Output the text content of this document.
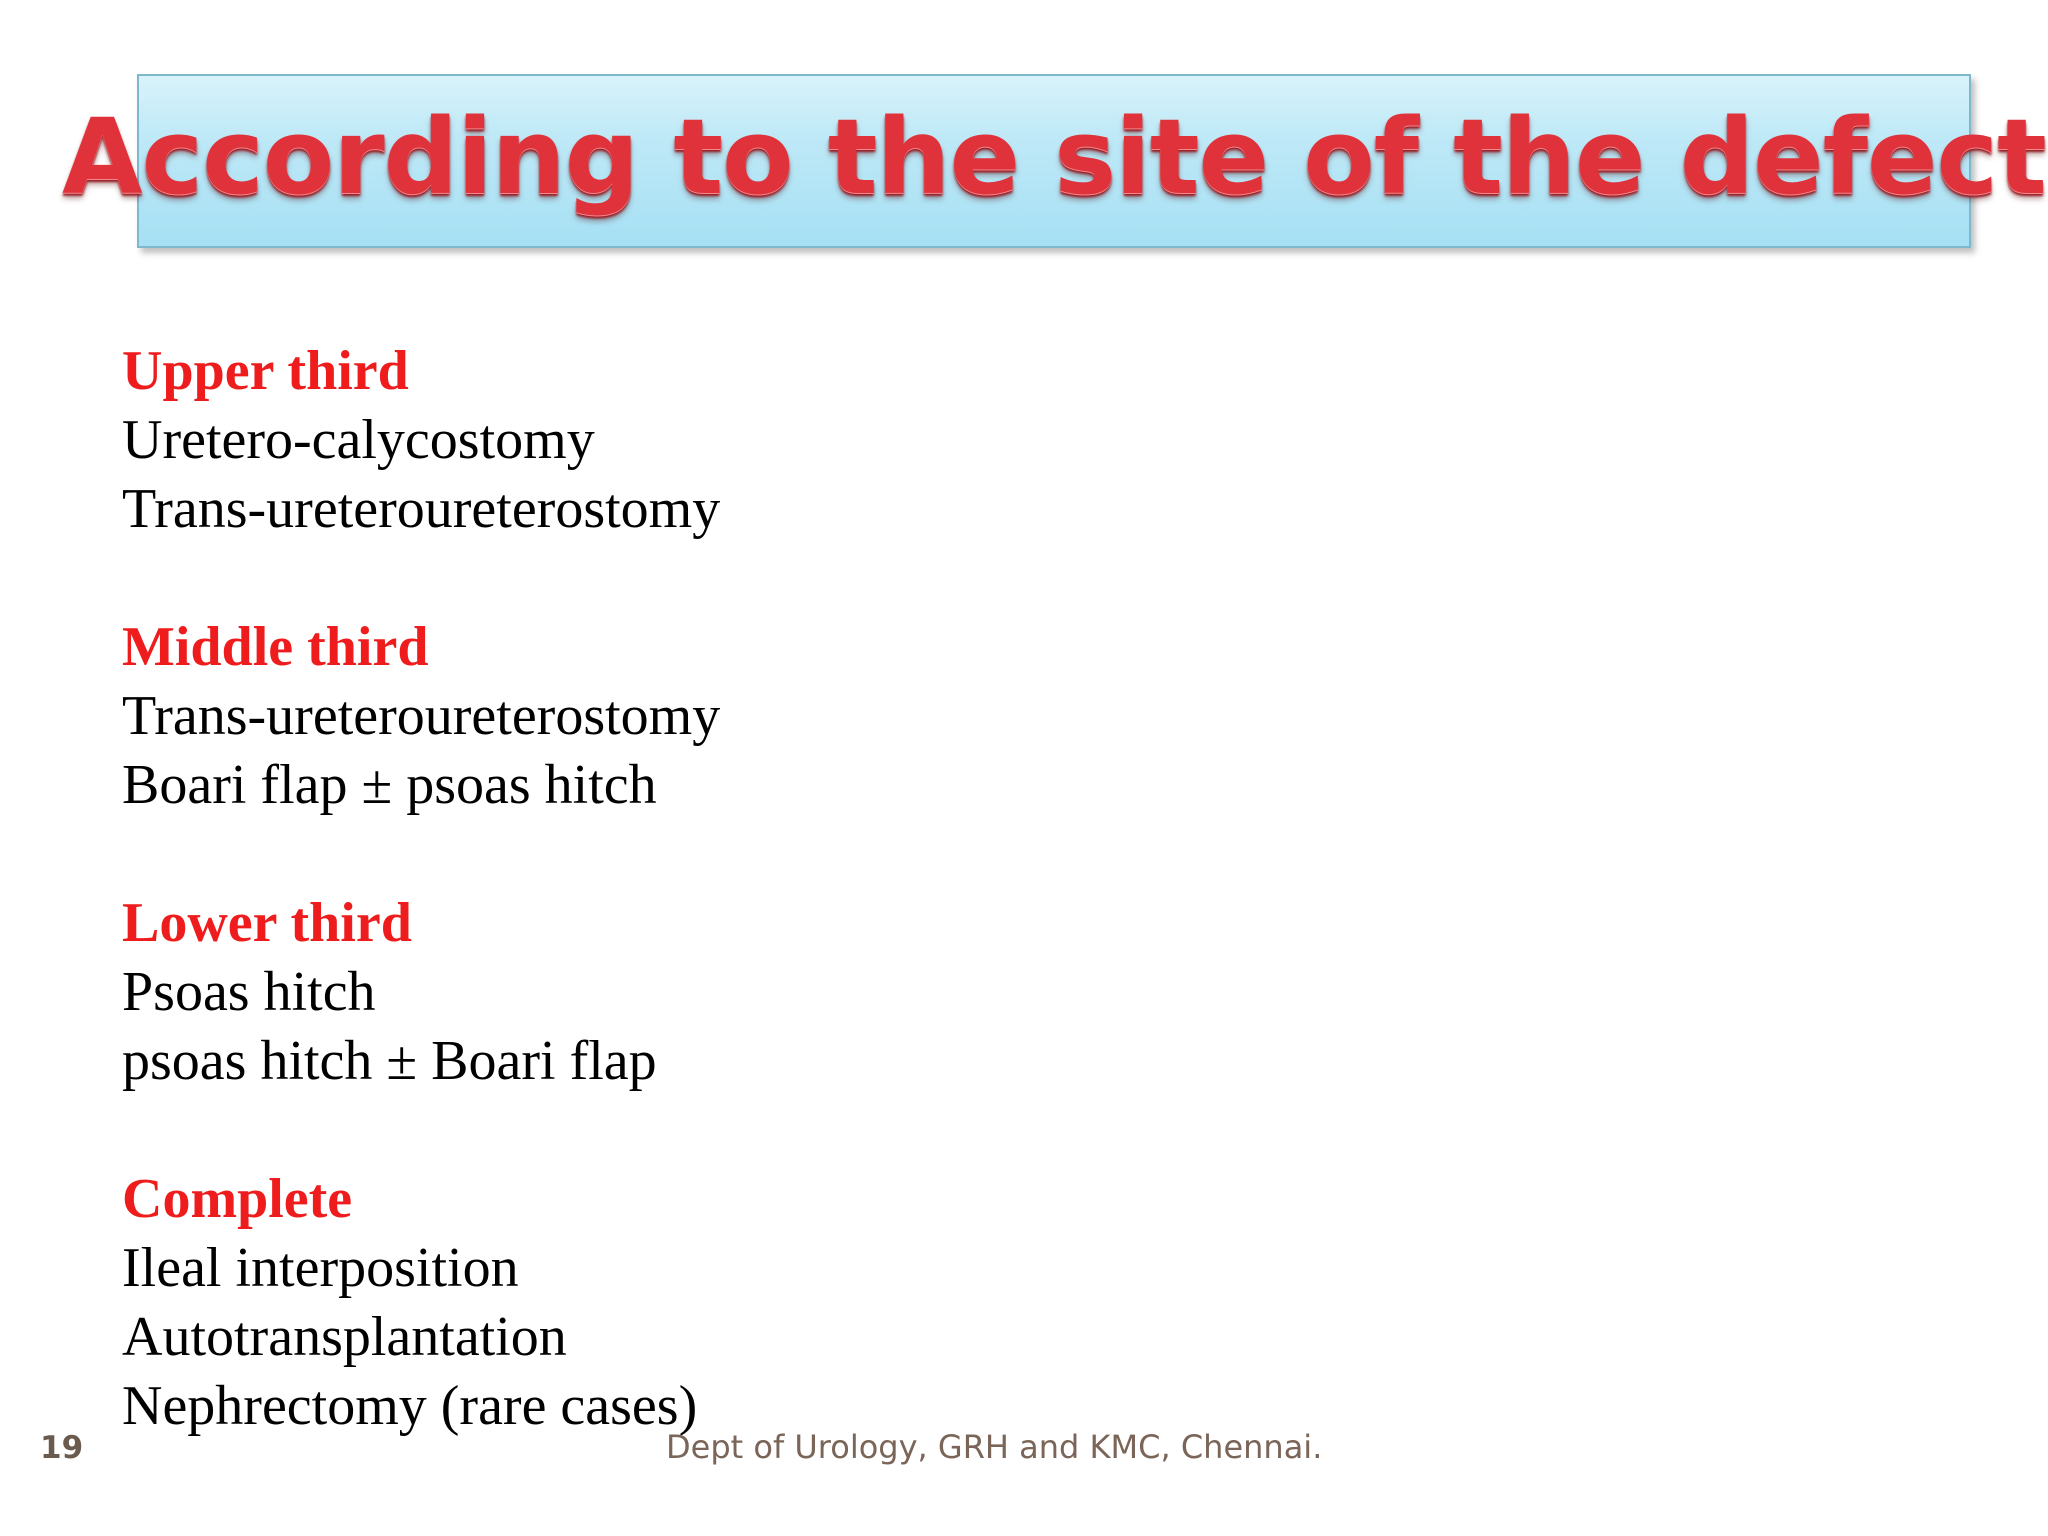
According to the site of the defect
Upper third
Uretero-calycostomy
Trans-ureteroureterostomy
Middle third
Trans-ureteroureterostomy
Boari flap ± psoas hitch
Lower third
Psoas hitch
psoas hitch ± Boari flap
Complete
Ileal interposition
Autotransplantation
Nephrectomy (rare cases)
19	Dept of Urology, GRH and KMC, Chennai.
